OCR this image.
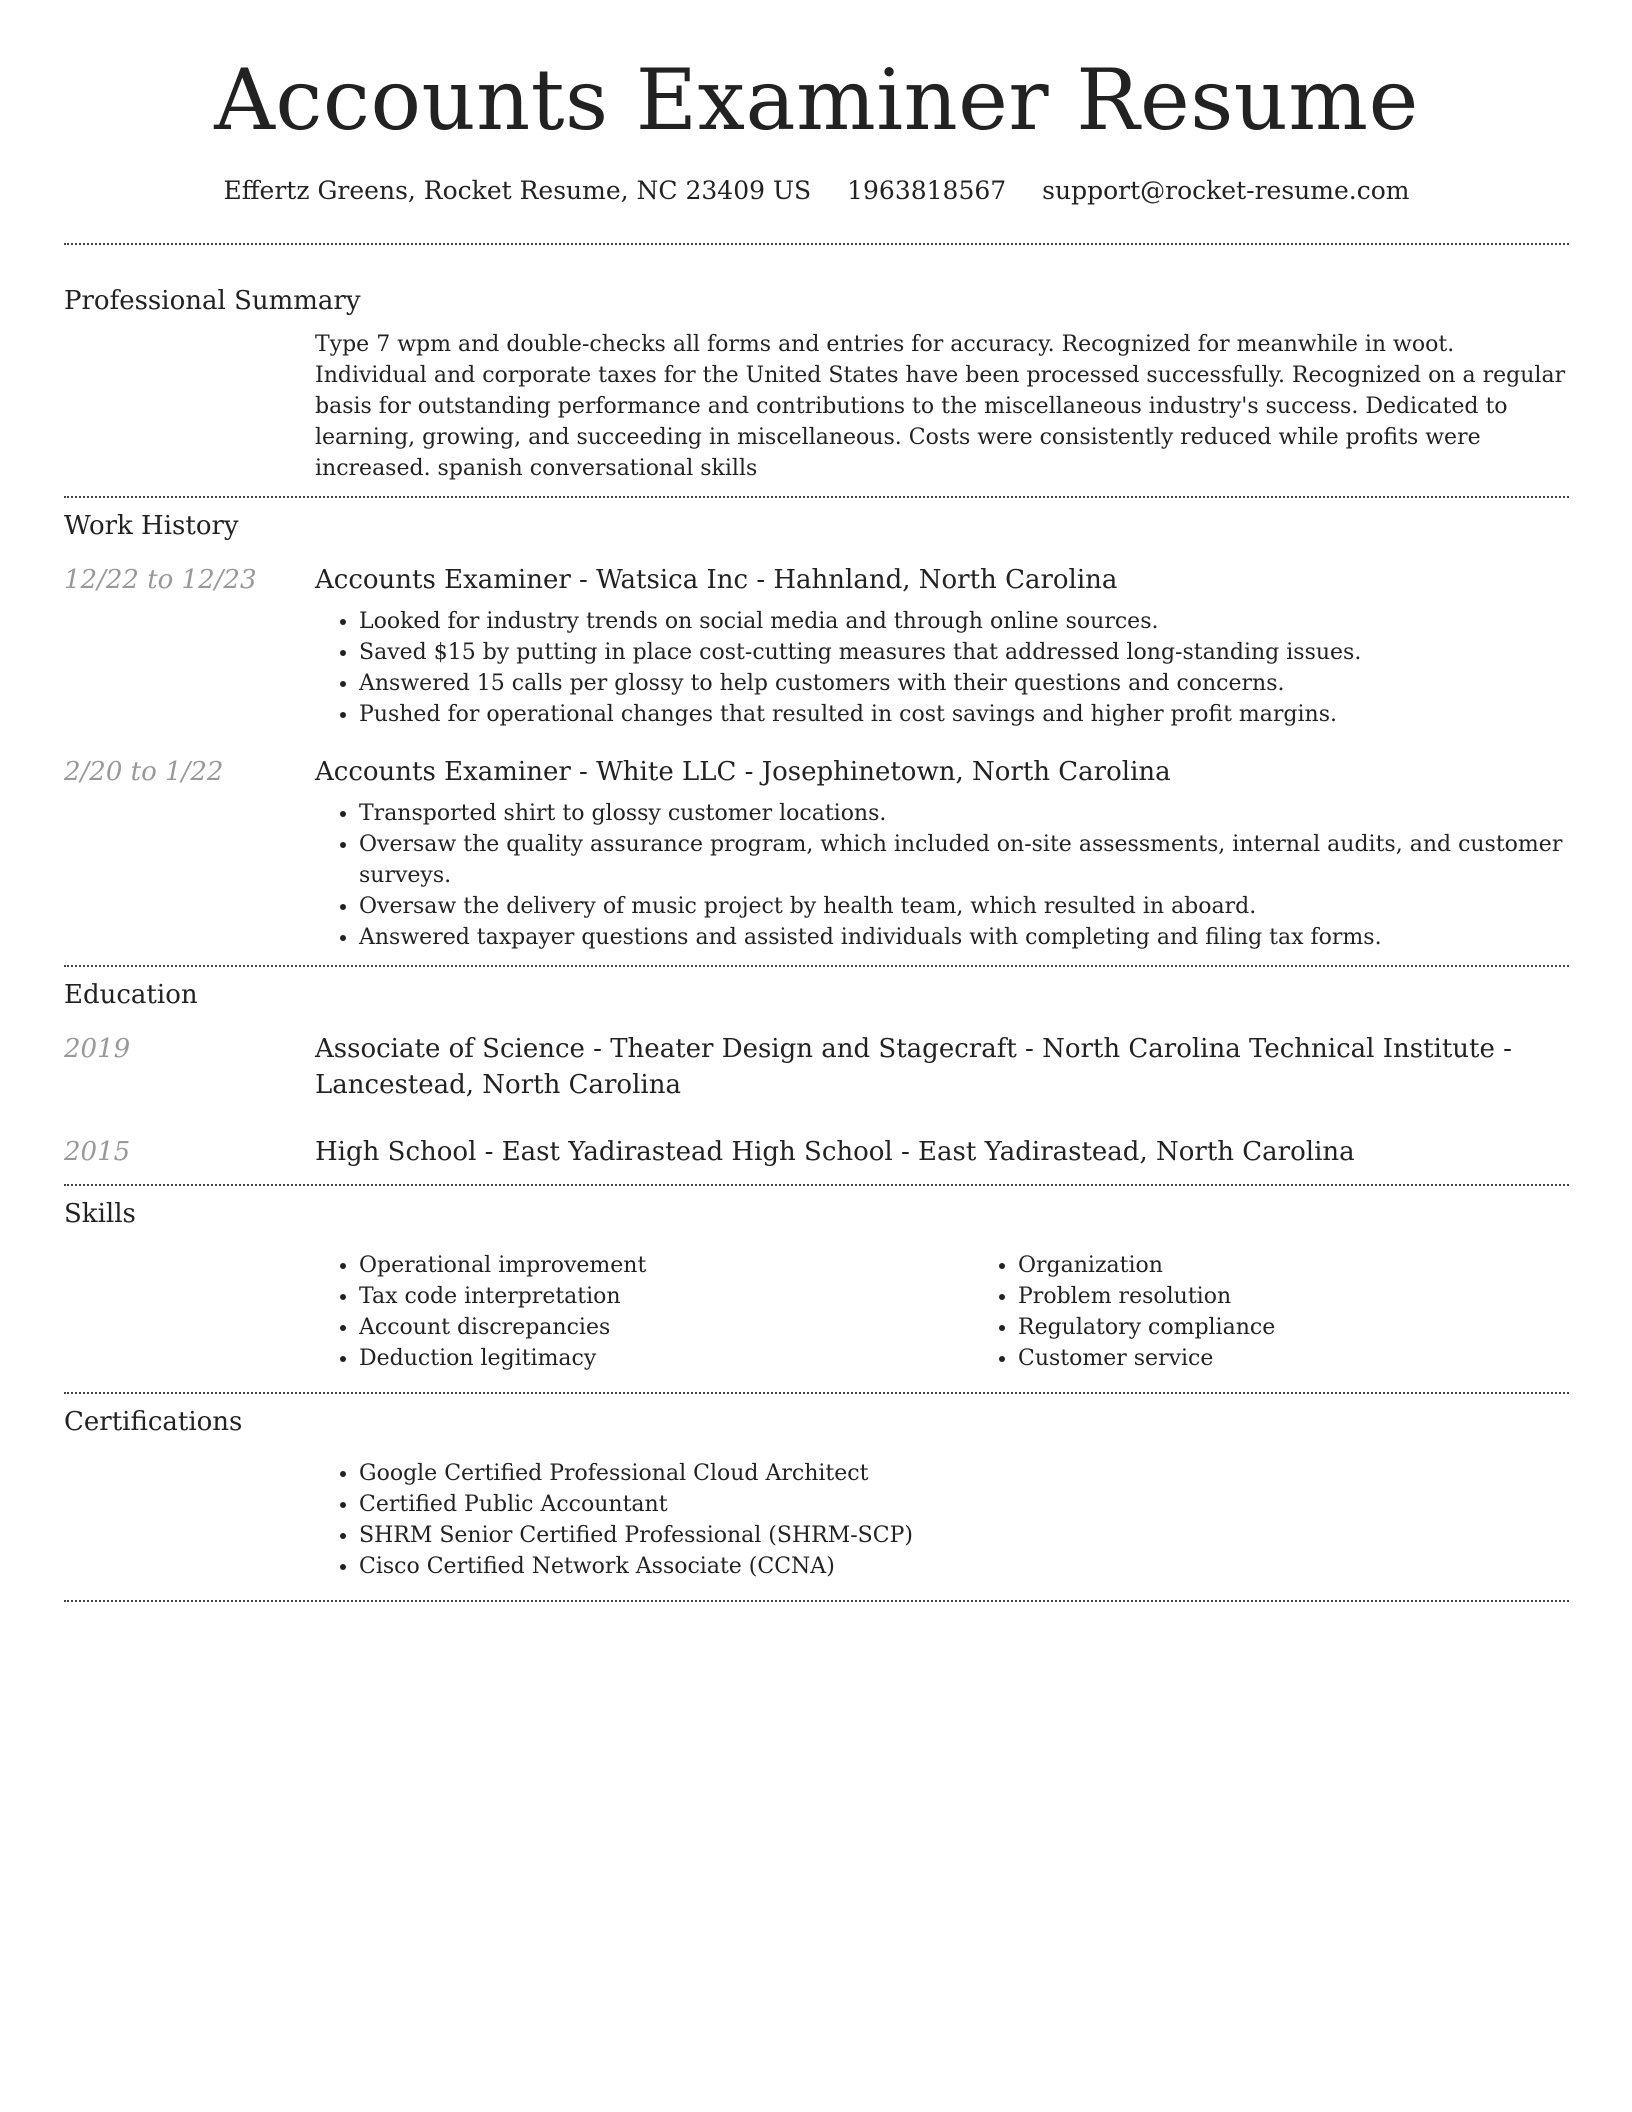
Accounts Examiner Resume
Effertz Greens, Rocket Resume, NC 23409 US 1963818567 support@rocket-resume.com
Professional Summary

Type 7 wpm and double-checks all forms and entries for accuracy. Recognized for meanwhile in woot. Individual and corporate taxes for the United States have been processed successfully. Recognized on a regular basis for outstanding performance and contributions to the miscellaneous industry's success. Dedicated to learning, growing, and succeeding in miscellaneous. Costs were consistently reduced while profits were increased. spanish conversational skills

Work History
12/22 to 12/23	Accounts Examiner - Watsica Inc - Hahnland, North Carolina
• Looked for industry trends on social media and through online sources.
• Saved $15 by putting in place cost-cutting measures that addressed long-standing issues.
• Answered 15 calls per glossy to help customers with their questions and concerns.
• Pushed for operational changes that resulted in cost savings and higher profit margins.
2/20 to 1/22	Accounts Examiner - White LLC - Josephinetown, North Carolina
• Transported shirt to glossy customer locations.
• Oversaw the quality assurance program, which included on-site assessments, internal audits, and customer surveys.
• Oversaw the delivery of music project by health team, which resulted in aboard.
• Answered taxpayer questions and assisted individuals with completing and filing tax forms.
Education
2019	Associate of Science - Theater Design and Stagecraft - North Carolina Technical Institute - Lancestead, North Carolina
2015	High School - East Yadirastead High School - East Yadirastead, North Carolina
Skills
• Operational improvement
• Tax code interpretation
• Account discrepancies
• Deduction legitimacy
• Organization
• Problem resolution
• Regulatory compliance
• Customer service
Certifications
• Google Certified Professional Cloud Architect
• Certified Public Accountant
• SHRM Senior Certified Professional (SHRM-SCP)
• Cisco Certified Network Associate (CCNA)
